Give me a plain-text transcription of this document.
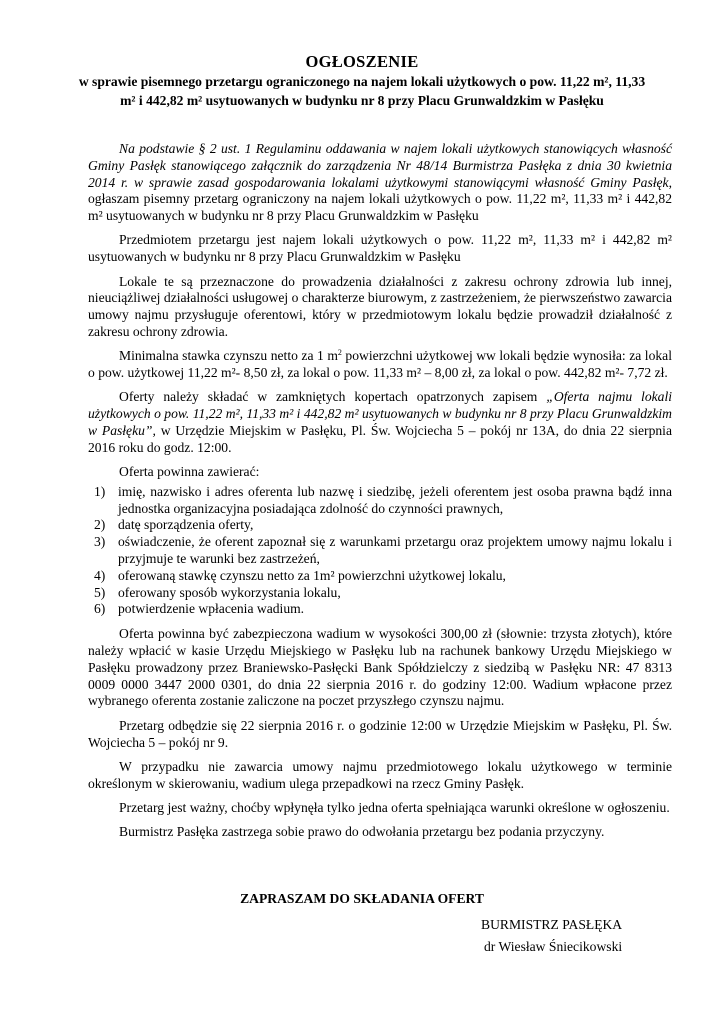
OGŁOSZENIE
w sprawie pisemnego przetargu ograniczonego na najem lokali użytkowych o pow. 11,22 m², 11,33 m² i 442,82 m² usytuowanych w budynku nr 8 przy Placu Grunwaldzkim w Pasłęku

Na podstawie § 2 ust. 1 Regulaminu oddawania w najem lokali użytkowych stanowiących własność Gminy Pasłęk stanowiącego załącznik do zarządzenia Nr 48/14 Burmistrza Pasłęka z dnia 30 kwietnia 2014 r. w sprawie zasad gospodarowania lokalami użytkowymi stanowiącymi własność Gminy Pasłęk, ogłaszam pisemny przetarg ograniczony na najem lokali użytkowych o pow. 11,22 m², 11,33 m² i 442,82 m² usytuowanych w budynku nr 8 przy Placu Grunwaldzkim w Pasłęku

Przedmiotem przetargu jest najem lokali użytkowych o pow. 11,22 m², 11,33 m² i 442,82 m² usytuowanych w budynku nr 8 przy Placu Grunwaldzkim w Pasłęku

Lokale te są przeznaczone do prowadzenia działalności z zakresu ochrony zdrowia lub innej, nieuciążliwej działalności usługowej o charakterze biurowym, z zastrzeżeniem, że pierwszeństwo zawarcia umowy najmu przysługuje oferentowi, który w przedmiotowym lokalu będzie prowadził działalność z zakresu ochrony zdrowia.

Minimalna stawka czynszu netto za 1 $m^2$ powierzchni użytkowej ww lokali będzie wynosiła: za lokal o pow. użytkowej 11,22 m²- 8,50 zł, za lokal o pow. 11,33 m² – 8,00 zł, za lokal o pow. 442,82 m²- 7,72 zł.

Oferty należy składać w zamkniętych kopertach opatrzonych zapisem „Oferta najmu lokali użytkowych o pow. 11,22 m², 11,33 m² i 442,82 m² usytuowanych w budynku nr 8 przy Placu Grunwaldzkim w Pasłęku”, w Urzędzie Miejskim w Pasłęku, Pl. Św. Wojciecha 5 – pokój nr 13A, do dnia 22 sierpnia 2016 roku do godz. 12:00.

Oferta powinna zawierać:

1) imię, nazwisko i adres oferenta lub nazwę i siedzibę, jeżeli oferentem jest osoba prawna bądź inna jednostka organizacyjna posiadająca zdolność do czynności prawnych,
2) datę sporządzenia oferty,
3) oświadczenie, że oferent zapoznał się z warunkami przetargu oraz projektem umowy najmu lokalu i przyjmuje te warunki bez zastrzeżeń,
4) oferowaną stawkę czynszu netto za 1m² powierzchni użytkowej lokalu,
5) oferowany sposób wykorzystania lokalu,
6) potwierdzenie wpłacenia wadium.

Oferta powinna być zabezpieczona wadium w wysokości 300,00 zł (słownie: trzysta złotych), które należy wpłacić w kasie Urzędu Miejskiego w Pasłęku lub na rachunek bankowy Urzędu Miejskiego w Pasłęku prowadzony przez Braniewsko-Pasłęcki Bank Spółdzielczy z siedzibą w Pasłęku NR: 47 8313 0009 0000 3447 2000 0301, do dnia 22 sierpnia 2016 r. do godziny 12:00. Wadium wpłacone przez wybranego oferenta zostanie zaliczone na poczet przyszłego czynszu najmu.

Przetarg odbędzie się 22 sierpnia 2016 r. o godzinie 12:00 w Urzędzie Miejskim w Pasłęku, Pl. Św. Wojciecha 5 – pokój nr 9.

W przypadku nie zawarcia umowy najmu przedmiotowego lokalu użytkowego w terminie określonym w skierowaniu, wadium ulega przepadkowi na rzecz Gminy Pasłęk.

Przetarg jest ważny, choćby wpłynęła tylko jedna oferta spełniająca warunki określone w ogłoszeniu.

Burmistrz Pasłęka zastrzega sobie prawo do odwołania przetargu bez podania przyczyny.

ZAPRASZAM DO SKŁADANIA OFERT
BURMISTRZ PASŁĘKA
dr Wiesław Śniecikowski
